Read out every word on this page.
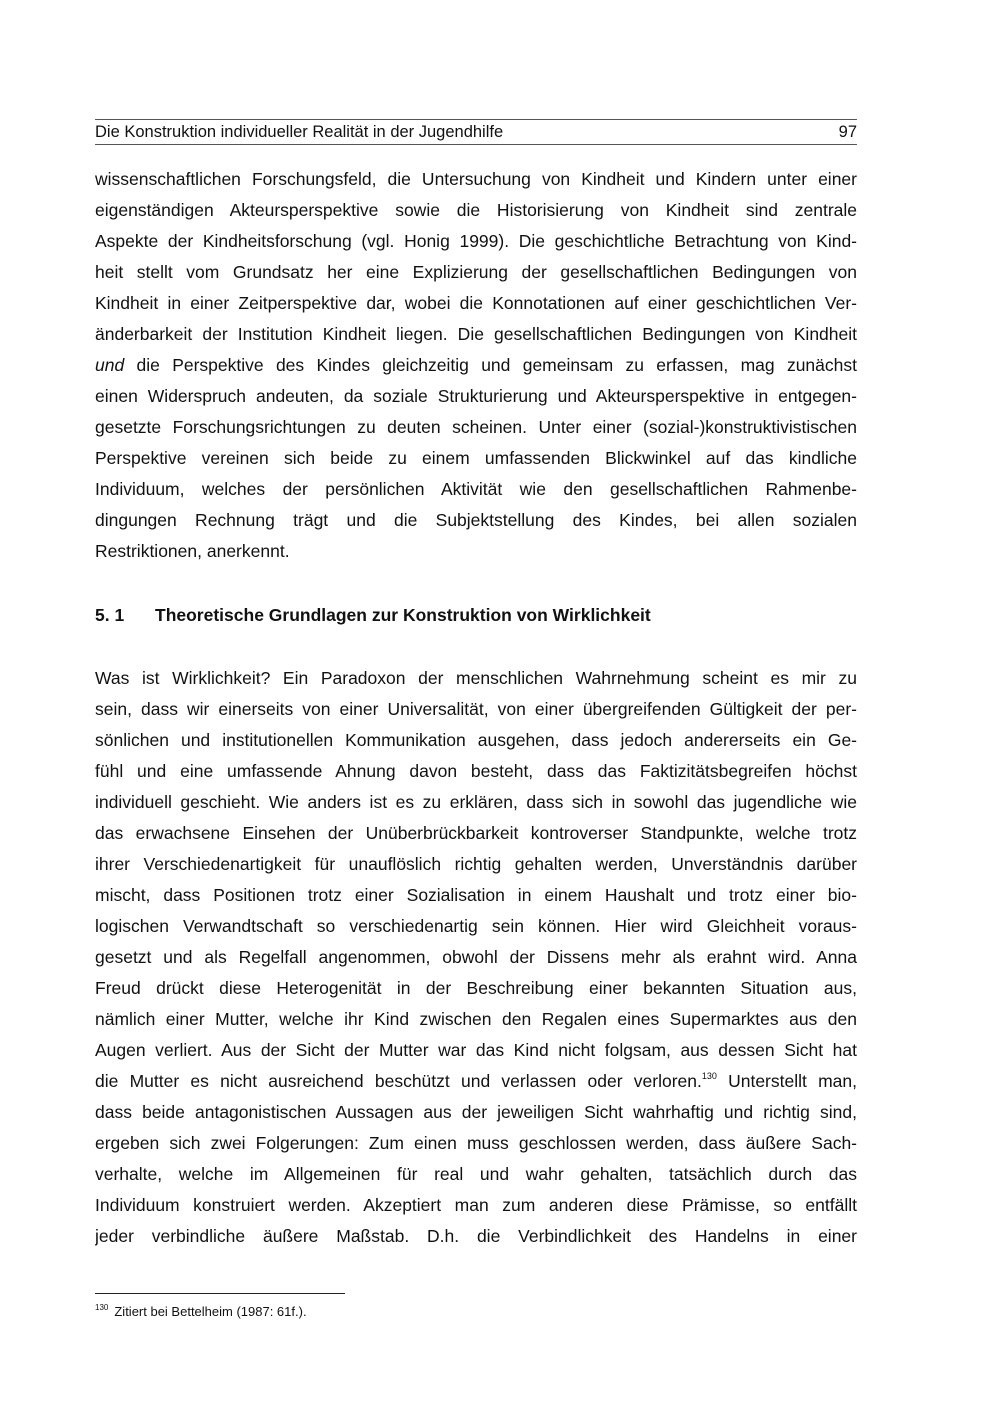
Die Konstruktion individueller Realität in der Jugendhilfe	97
wissenschaftlichen Forschungsfeld, die Untersuchung von Kindheit und Kindern unter einer
eigenständigen Akteursperspektive sowie die Historisierung von Kindheit sind zentrale
Aspekte der Kindheitsforschung (vgl. Honig 1999). Die geschichtliche Betrachtung von Kind-
heit stellt vom Grundsatz her eine Explizierung der gesellschaftlichen Bedingungen von
Kindheit in einer Zeitperspektive dar, wobei die Konnotationen auf einer geschichtlichen Ver-
änderbarkeit der Institution Kindheit liegen. Die gesellschaftlichen Bedingungen von Kindheit
und die Perspektive des Kindes gleichzeitig und gemeinsam zu erfassen, mag zunächst
einen Widerspruch andeuten, da soziale Strukturierung und Akteursperspektive in entgegen-
gesetzte Forschungsrichtungen zu deuten scheinen. Unter einer (sozial-)konstruktivistischen
Perspektive vereinen sich beide zu einem umfassenden Blickwinkel auf das kindliche
Individuum, welches der persönlichen Aktivität wie den gesellschaftlichen Rahmenbe-
dingungen Rechnung trägt und die Subjektstellung des Kindes, bei allen sozialen
Restriktionen, anerkennt.
5. 1 Theoretische Grundlagen zur Konstruktion von Wirklichkeit
Was ist Wirklichkeit? Ein Paradoxon der menschlichen Wahrnehmung scheint es mir zu
sein, dass wir einerseits von einer Universalität, von einer übergreifenden Gültigkeit der per-
sönlichen und institutionellen Kommunikation ausgehen, dass jedoch andererseits ein Ge-
fühl und eine umfassende Ahnung davon besteht, dass das Faktizitätsbegreifen höchst
individuell geschieht. Wie anders ist es zu erklären, dass sich in sowohl das jugendliche wie
das erwachsene Einsehen der Unüberbrückbarkeit kontroverser Standpunkte, welche trotz
ihrer Verschiedenartigkeit für unauflöslich richtig gehalten werden, Unverständnis darüber
mischt, dass Positionen trotz einer Sozialisation in einem Haushalt und trotz einer bio-
logischen Verwandtschaft so verschiedenartig sein können. Hier wird Gleichheit voraus-
gesetzt und als Regelfall angenommen, obwohl der Dissens mehr als erahnt wird. Anna
Freud drückt diese Heterogenität in der Beschreibung einer bekannten Situation aus,
nämlich einer Mutter, welche ihr Kind zwischen den Regalen eines Supermarktes aus den
Augen verliert. Aus der Sicht der Mutter war das Kind nicht folgsam, aus dessen Sicht hat
die Mutter es nicht ausreichend beschützt und verlassen oder verloren.$^{130}$ Unterstellt man,
dass beide antagonistischen Aussagen aus der jeweiligen Sicht wahrhaftig und richtig sind,
ergeben sich zwei Folgerungen: Zum einen muss geschlossen werden, dass äußere Sach-
verhalte, welche im Allgemeinen für real und wahr gehalten, tatsächlich durch das
Individuum konstruiert werden. Akzeptiert man zum anderen diese Prämisse, so entfällt
jeder verbindliche äußere Maßstab. D.h. die Verbindlichkeit des Handelns in einer
$^{130}$ Zitiert bei Bettelheim (1987: 61f.).
